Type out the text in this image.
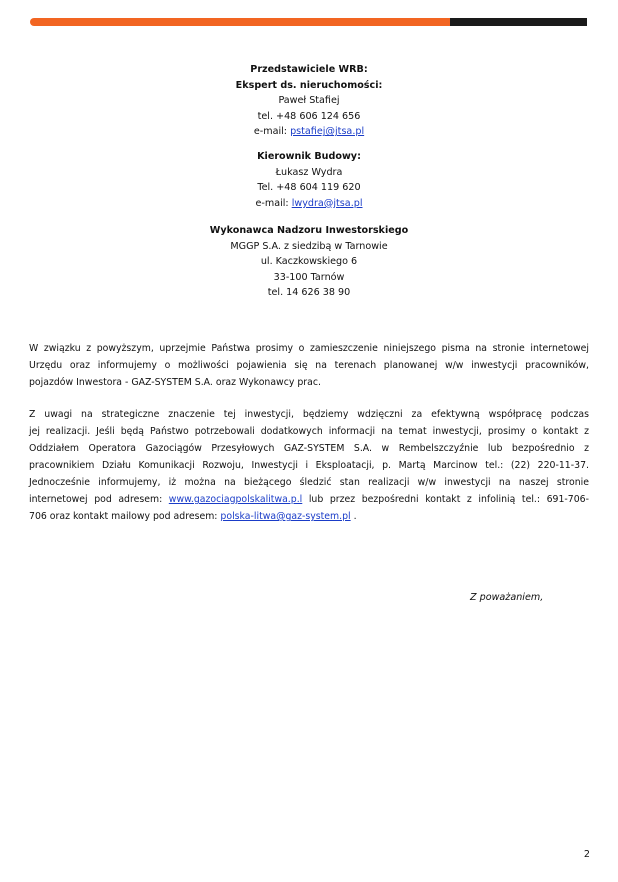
Przedstawiciele WRB:
Ekspert ds. nieruchomości:
Paweł Stafiej
tel. +48 606 124 656
e-mail: pstafiej@jtsa.pl
Kierownik Budowy:
Łukasz Wydra
Tel. +48 604 119 620
e-mail: lwydra@jtsa.pl
Wykonawca Nadzoru Inwestorskiego
MGGP S.A. z siedzibą w Tarnowie
ul. Kaczkowskiego 6
33-100 Tarnów
tel. 14 626 38 90
W związku z powyższym, uprzejmie Państwa prosimy o zamieszczenie niniejszego pisma na stronie internetowej
Urzędu oraz informujemy o możliwości pojawienia się na terenach planowanej w/w inwestycji pracowników,
pojazdów Inwestora - GAZ-SYSTEM S.A. oraz Wykonawcy prac.
Z uwagi na strategiczne znaczenie tej inwestycji, będziemy wdzięczni za efektywną współpracę podczas
jej realizacji. Jeśli będą Państwo potrzebowali dodatkowych informacji na temat inwestycji, prosimy o kontakt z
Oddziałem Operatora Gazociągów Przesyłowych GAZ-SYSTEM S.A. w Rembelszczyźnie lub bezpośrednio z
pracownikiem Działu Komunikacji Rozwoju, Inwestycji i Eksploatacji, p. Martą Marcinow tel.: (22) 220-11-37.
Jednocześnie informujemy, iż można na bieżącego śledzić stan realizacji w/w inwestycji na naszej stronie
internetowej pod adresem: www.gazociagpolskalitwa.p.l lub przez bezpośredni kontakt z infolinią tel.: 691-706-
706 oraz kontakt mailowy pod adresem: polska-litwa@gaz-system.pl .
Z poważaniem,
2
